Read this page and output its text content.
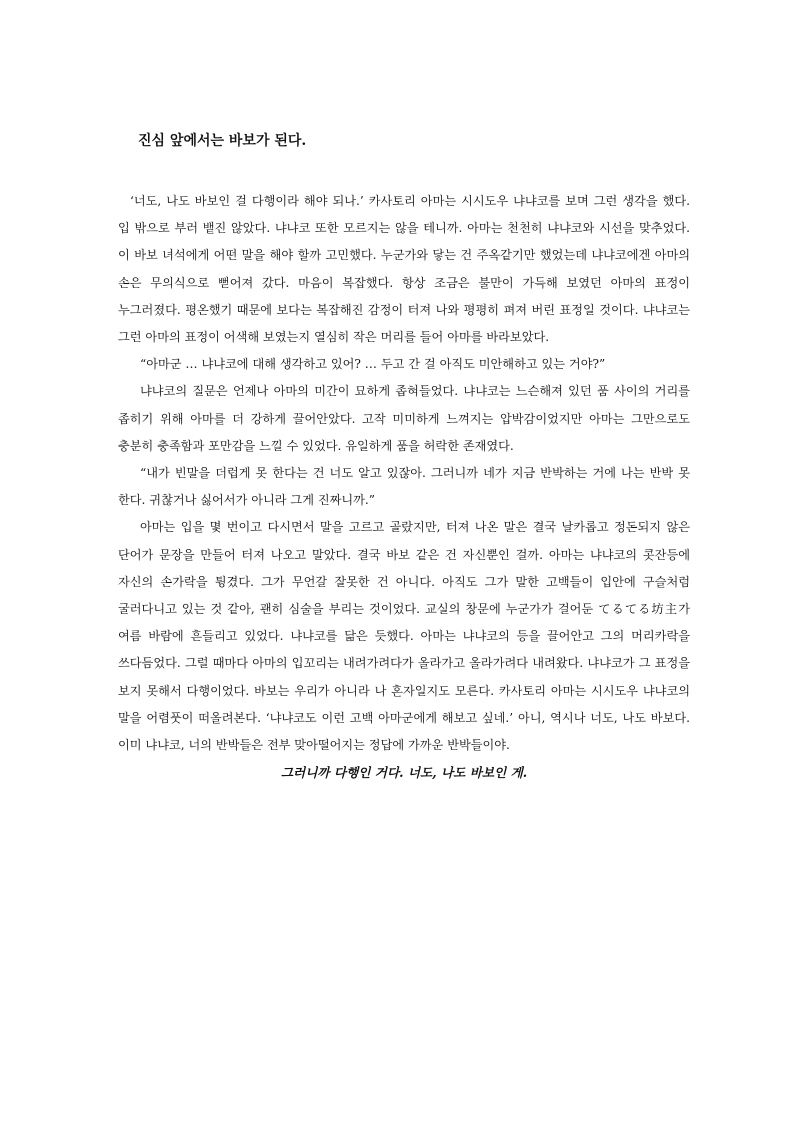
진심 앞에서는 바보가 된다.

‘너도, 나도 바보인 걸 다행이라 해야 되나.’ 카사토리 아마는 시시도우 냐냐코를 보며 그런 생각을 했다. 입 밖으로 부러 뱉진 않았다. 냐냐코 또한 모르지는 않을 테니까. 아마는 천천히 냐냐코와 시선을 맞추었다. 이 바보 녀석에게 어떤 말을 해야 할까 고민했다. 누군가와 닿는 건 주옥같기만 했었는데 냐냐코에겐 아마의 손은 무의식으로 뻗어져 갔다. 마음이 복잡했다. 항상 조금은 불만이 가득해 보였던 아마의 표정이 누그러졌다. 평온했기 때문에 보다는 복잡해진 감정이 터져 나와 평평히 펴져 버린 표정일 것이다. 냐냐코는 그런 아마의 표정이 어색해 보였는지 열심히 작은 머리를 들어 아마를 바라보았다.

“아마군 … 냐냐코에 대해 생각하고 있어? … 두고 간 걸 아직도 미안해하고 있는 거야?”

냐냐코의 질문은 언제나 아마의 미간이 묘하게 좁혀들었다. 냐냐코는 느슨해져 있던 품 사이의 거리를 좁히기 위해 아마를 더 강하게 끌어안았다. 고작 미미하게 느껴지는 압박감이었지만 아마는 그만으로도 충분히 충족함과 포만감을 느낄 수 있었다. 유일하게 품을 허락한 존재였다.

“내가 빈말을 더럽게 못 한다는 건 너도 알고 있잖아. 그러니까 네가 지금 반박하는 거에 나는 반박 못 한다. 귀찮거나 싫어서가 아니라 그게 진짜니까.”

아마는 입을 몇 번이고 다시면서 말을 고르고 골랐지만, 터져 나온 말은 결국 날카롭고 정돈되지 않은 단어가 문장을 만들어 터져 나오고 말았다. 결국 바보 같은 건 자신뿐인 걸까. 아마는 냐냐코의 콧잔등에 자신의 손가락을 튕겼다. 그가 무언갈 잘못한 건 아니다. 아직도 그가 말한 고백들이 입안에 구슬처럼 굴러다니고 있는 것 같아, 괜히 심술을 부리는 것이었다. 교실의 창문에 누군가가 걸어둔 てるてる坊主가 여름 바람에 흔들리고 있었다. 냐냐코를 닮은 듯했다. 아마는 냐냐코의 등을 끌어안고 그의 머리카락을 쓰다듬었다. 그럴 때마다 아마의 입꼬리는 내려가려다가 올라가고 올라가려다 내려왔다. 냐냐코가 그 표정을 보지 못해서 다행이었다. 바보는 우리가 아니라 나 혼자일지도 모른다. 카사토리 아마는 시시도우 냐냐코의 말을 어렴풋이 떠올려본다. ‘냐냐코도 이런 고백 아마군에게 해보고 싶네.’ 아니, 역시나 너도, 나도 바보다. 이미 냐냐코, 너의 반박들은 전부 맞아떨어지는 정답에 가까운 반박들이야.

그러니까 다행인 거다. 너도, 나도 바보인 게.
